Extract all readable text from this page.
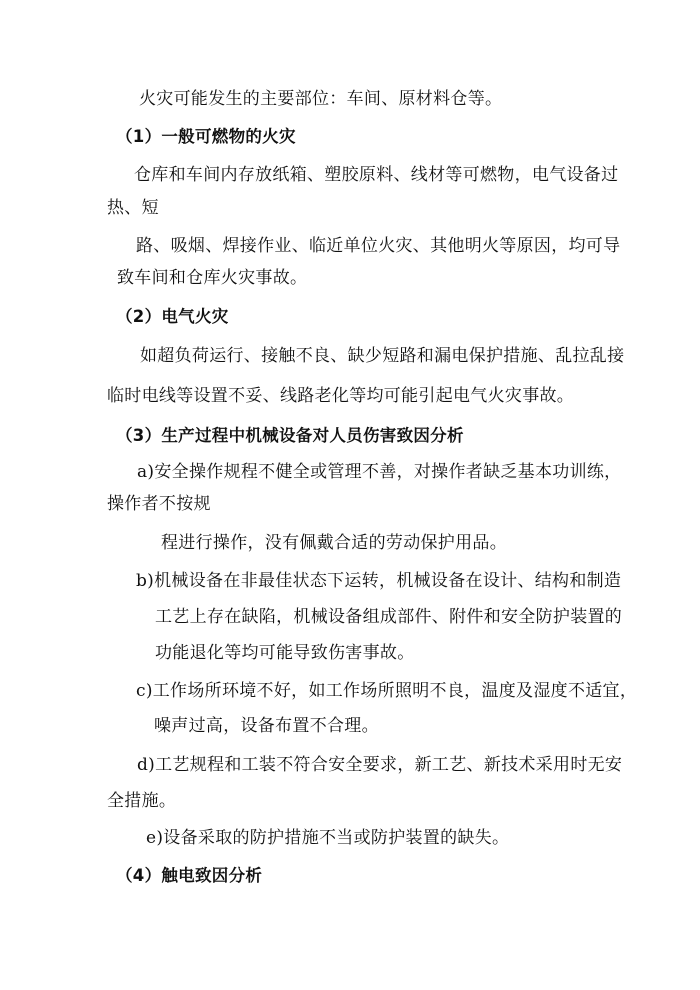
火灾可能发生的主要部位：车间、原材料仓等。
（1）一般可燃物的火灾
仓库和车间内存放纸箱、塑胶原料、线材等可燃物，电气设备过
热、短
路、吸烟、焊接作业、临近单位火灾、其他明火等原因，均可导
致车间和仓库火灾事故。
（2）电气火灾
如超负荷运行、接触不良、缺少短路和漏电保护措施、乱拉乱接
临时电线等设置不妥、线路老化等均可能引起电气火灾事故。
（3）生产过程中机械设备对人员伤害致因分析
a)安全操作规程不健全或管理不善，对操作者缺乏基本功训练，
操作者不按规
程进行操作，没有佩戴合适的劳动保护用品。
b)机械设备在非最佳状态下运转，机械设备在设计、结构和制造
工艺上存在缺陷，机械设备组成部件、附件和安全防护装置的
功能退化等均可能导致伤害事故。
c)工作场所环境不好，如工作场所照明不良，温度及湿度不适宜，
噪声过高，设备布置不合理。
d)工艺规程和工装不符合安全要求，新工艺、新技术采用时无安
全措施。
e)设备采取的防护措施不当或防护装置的缺失。
（4）触电致因分析
